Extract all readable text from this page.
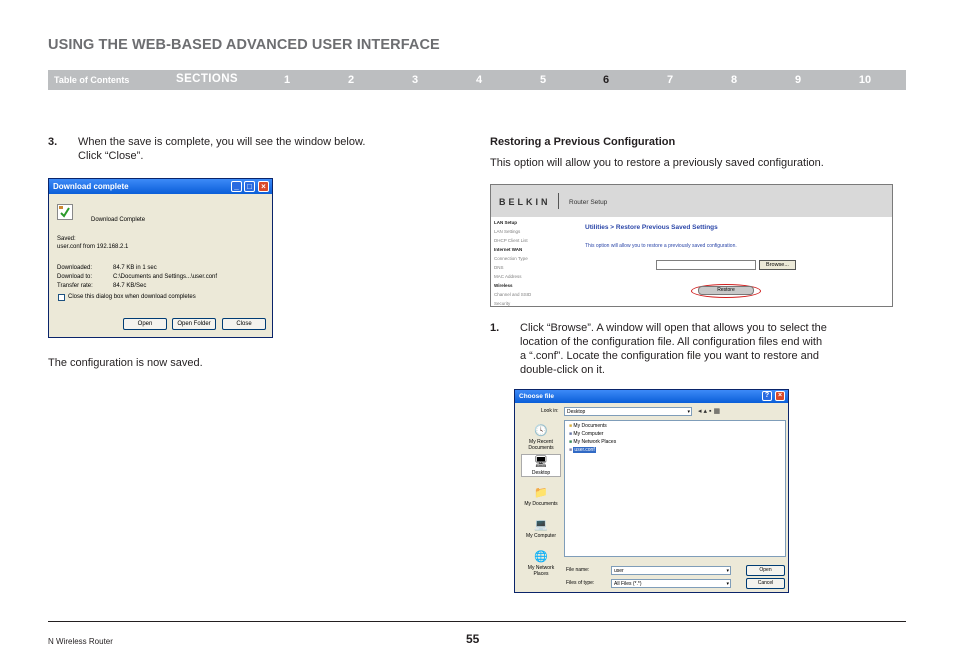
USING THE WEB-BASED ADVANCED USER INTERFACE
Table of Contents	SECTIONS	1	2	3	4	5	6	7	8	9	10
3. When the save is complete, you will see the window below.
Click “Close”.
Download complete	_	□	×
Download Complete
Saved:
user.conf from 192.168.2.1
Downloaded:	84.7 KB in 1 sec
Download to:	C:\Documents and Settings...\user.conf
Transfer rate:	84.7 KB/Sec
Close this dialog box when download completes
Open	Open Folder	Close
The configuration is now saved.
Restoring a Previous Configuration
This option will allow you to restore a previously saved configuration.
BELKIN	Router Setup
LAN Setup
LAN Settings
DHCP Client List
Internet WAN
Connection Type
DNS
MAC Address
Wireless
Channel and SSID
Security
Utilities > Restore Previous Saved Settings
This option will allow you to restore a previously saved configuration.
Browse...
Restore
1. Click “Browse”. A window will open that allows you to select the
location of the configuration file. All configuration files end with
a “.conf”. Locate the configuration file you want to restore and
double-click on it.
Choose file	?	×
Look in:	Desktop	▾ ◂▴▪▦
🕓
My Recent Documents
🖥
Desktop
📁
My Documents
💻
My Computer
🌐
My Network Places
■ My Documents
■ My Computer
■ My Network Places
■ user.conf
File name:	user	▾
Files of type:	All Files (*.*)	▾
Open
Cancel
N Wireless Router	55
